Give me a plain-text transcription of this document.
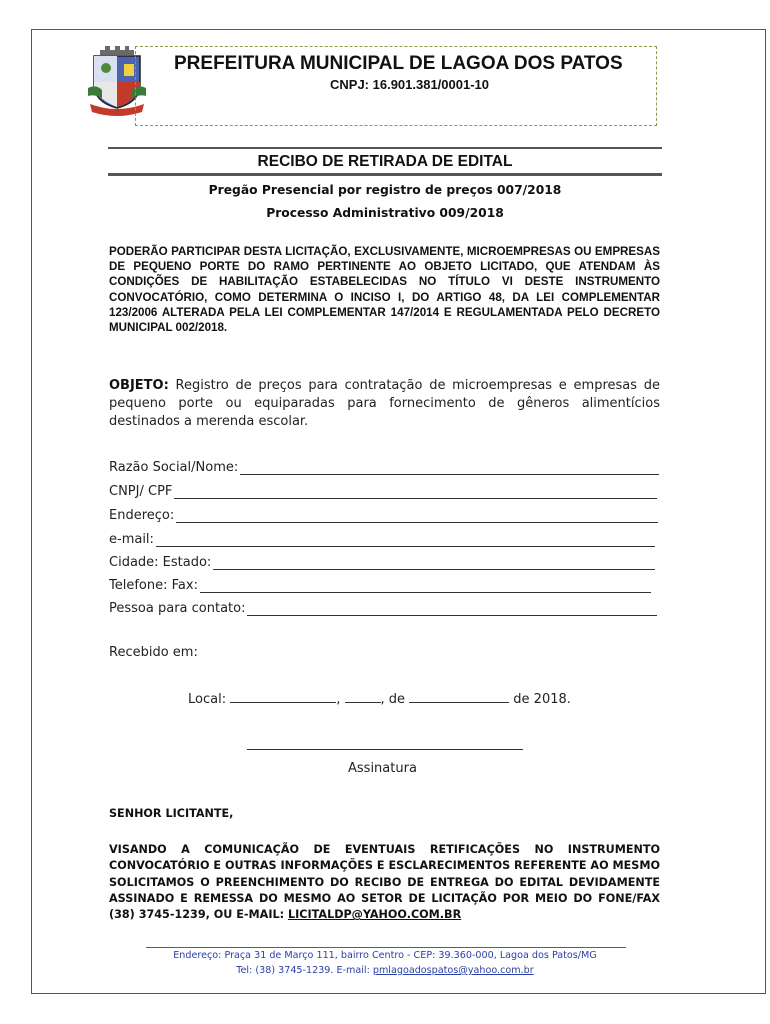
PREFEITURA MUNICIPAL DE LAGOA DOS PATOS
CNPJ: 16.901.381/0001-10
RECIBO DE RETIRADA DE EDITAL
Pregão Presencial por registro de preços 007/2018
Processo Administrativo 009/2018
PODERÃO PARTICIPAR DESTA LICITAÇÃO, EXCLUSIVAMENTE, MICROEMPRESAS OU EMPRESAS DE PEQUENO PORTE DO RAMO PERTINENTE AO OBJETO LICITADO, QUE ATENDAM ÀS CONDIÇÕES DE HABILITAÇÃO ESTABELECIDAS NO TÍTULO VI DESTE INSTRUMENTO CONVOCATÓRIO, COMO DETERMINA O INCISO I, DO ARTIGO 48, DA LEI COMPLEMENTAR 123/2006 ALTERADA PELA LEI COMPLEMENTAR 147/2014 E REGULAMENTADA PELO DECRETO MUNICIPAL 002/2018.
OBJETO: Registro de preços para contratação de microempresas e empresas de pequeno porte ou equiparadas para fornecimento de gêneros alimentícios destinados a merenda escolar.
Razão Social/Nome:
CNPJ/ CPF
Endereço:
e-mail:
Cidade: Estado:
Telefone: Fax:
Pessoa para contato:
Recebido em:
Local:	,	, de	de 2018.
Assinatura
SENHOR LICITANTE,
VISANDO A COMUNICAÇÃO DE EVENTUAIS RETIFICAÇÕES NO INSTRUMENTO CONVOCATÓRIO E OUTRAS INFORMAÇÕES E ESCLARECIMENTOS REFERENTE AO MESMO SOLICITAMOS O PREENCHIMENTO DO RECIBO DE ENTREGA DO EDITAL DEVIDAMENTE ASSINADO E REMESSA DO MESMO AO SETOR DE LICITAÇÃO POR MEIO DO FONE/FAX (38) 3745-1239, OU E-MAIL: LICITALDP@YAHOO.COM.BR
Endereço: Praça 31 de Março 111, bairro Centro - CEP: 39.360-000, Lagoa dos Patos/MG
Tel: (38) 3745-1239. E-mail: pmlagoadospatos@yahoo.com.br
